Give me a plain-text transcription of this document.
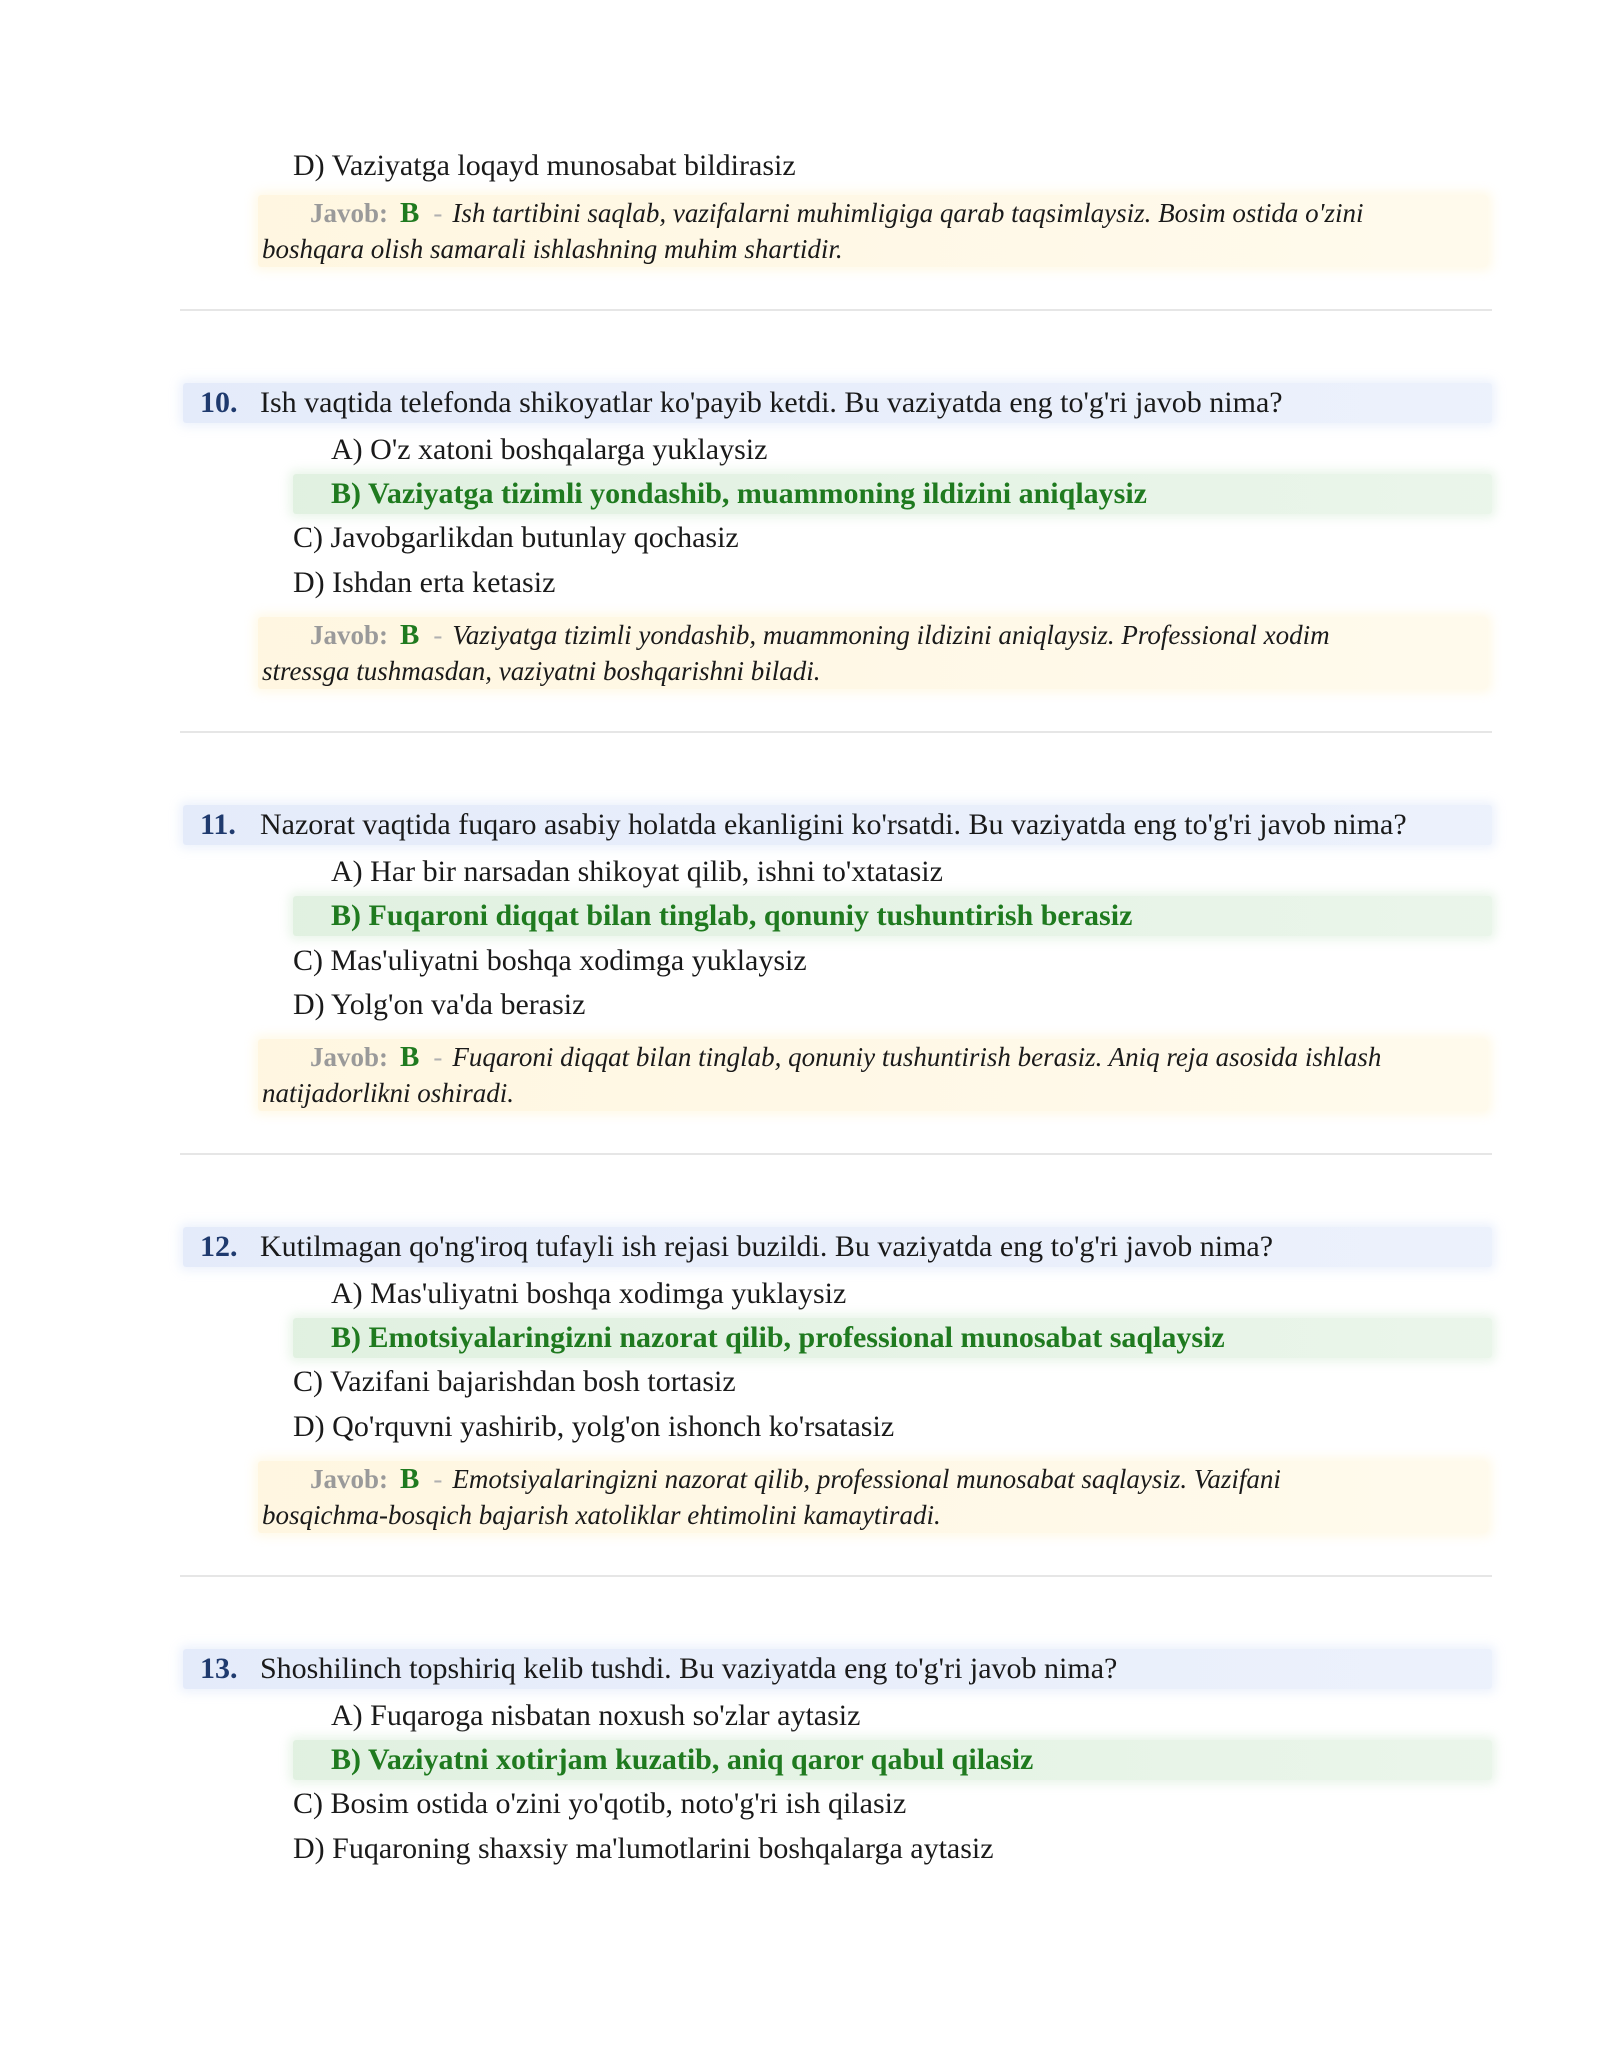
D) Vaziyatga loqayd munosabat bildirasiz
Javob: B - Ish tartibini saqlab, vazifalarni muhimligiga qarab taqsimlaysiz. Bosim ostida o'zini
boshqara olish samarali ishlashning muhim shartidir.
10. Ish vaqtida telefonda shikoyatlar ko'payib ketdi. Bu vaziyatda eng to'g'ri javob nima?
A) O'z xatoni boshqalarga yuklaysiz
B) Vaziyatga tizimli yondashib, muammoning ildizini aniqlaysiz
C) Javobgarlikdan butunlay qochasiz
D) Ishdan erta ketasiz
Javob: B - Vaziyatga tizimli yondashib, muammoning ildizini aniqlaysiz. Professional xodim
stressga tushmasdan, vaziyatni boshqarishni biladi.
11. Nazorat vaqtida fuqaro asabiy holatda ekanligini ko'rsatdi. Bu vaziyatda eng to'g'ri javob nima?
A) Har bir narsadan shikoyat qilib, ishni to'xtatasiz
B) Fuqaroni diqqat bilan tinglab, qonuniy tushuntirish berasiz
C) Mas'uliyatni boshqa xodimga yuklaysiz
D) Yolg'on va'da berasiz
Javob: B - Fuqaroni diqqat bilan tinglab, qonuniy tushuntirish berasiz. Aniq reja asosida ishlash
natijadorlikni oshiradi.
12. Kutilmagan qo'ng'iroq tufayli ish rejasi buzildi. Bu vaziyatda eng to'g'ri javob nima?
A) Mas'uliyatni boshqa xodimga yuklaysiz
B) Emotsiyalaringizni nazorat qilib, professional munosabat saqlaysiz
C) Vazifani bajarishdan bosh tortasiz
D) Qo'rquvni yashirib, yolg'on ishonch ko'rsatasiz
Javob: B - Emotsiyalaringizni nazorat qilib, professional munosabat saqlaysiz. Vazifani
bosqichma-bosqich bajarish xatoliklar ehtimolini kamaytiradi.
13. Shoshilinch topshiriq kelib tushdi. Bu vaziyatda eng to'g'ri javob nima?
A) Fuqaroga nisbatan noxush so'zlar aytasiz
B) Vaziyatni xotirjam kuzatib, aniq qaror qabul qilasiz
C) Bosim ostida o'zini yo'qotib, noto'g'ri ish qilasiz
D) Fuqaroning shaxsiy ma'lumotlarini boshqalarga aytasiz
